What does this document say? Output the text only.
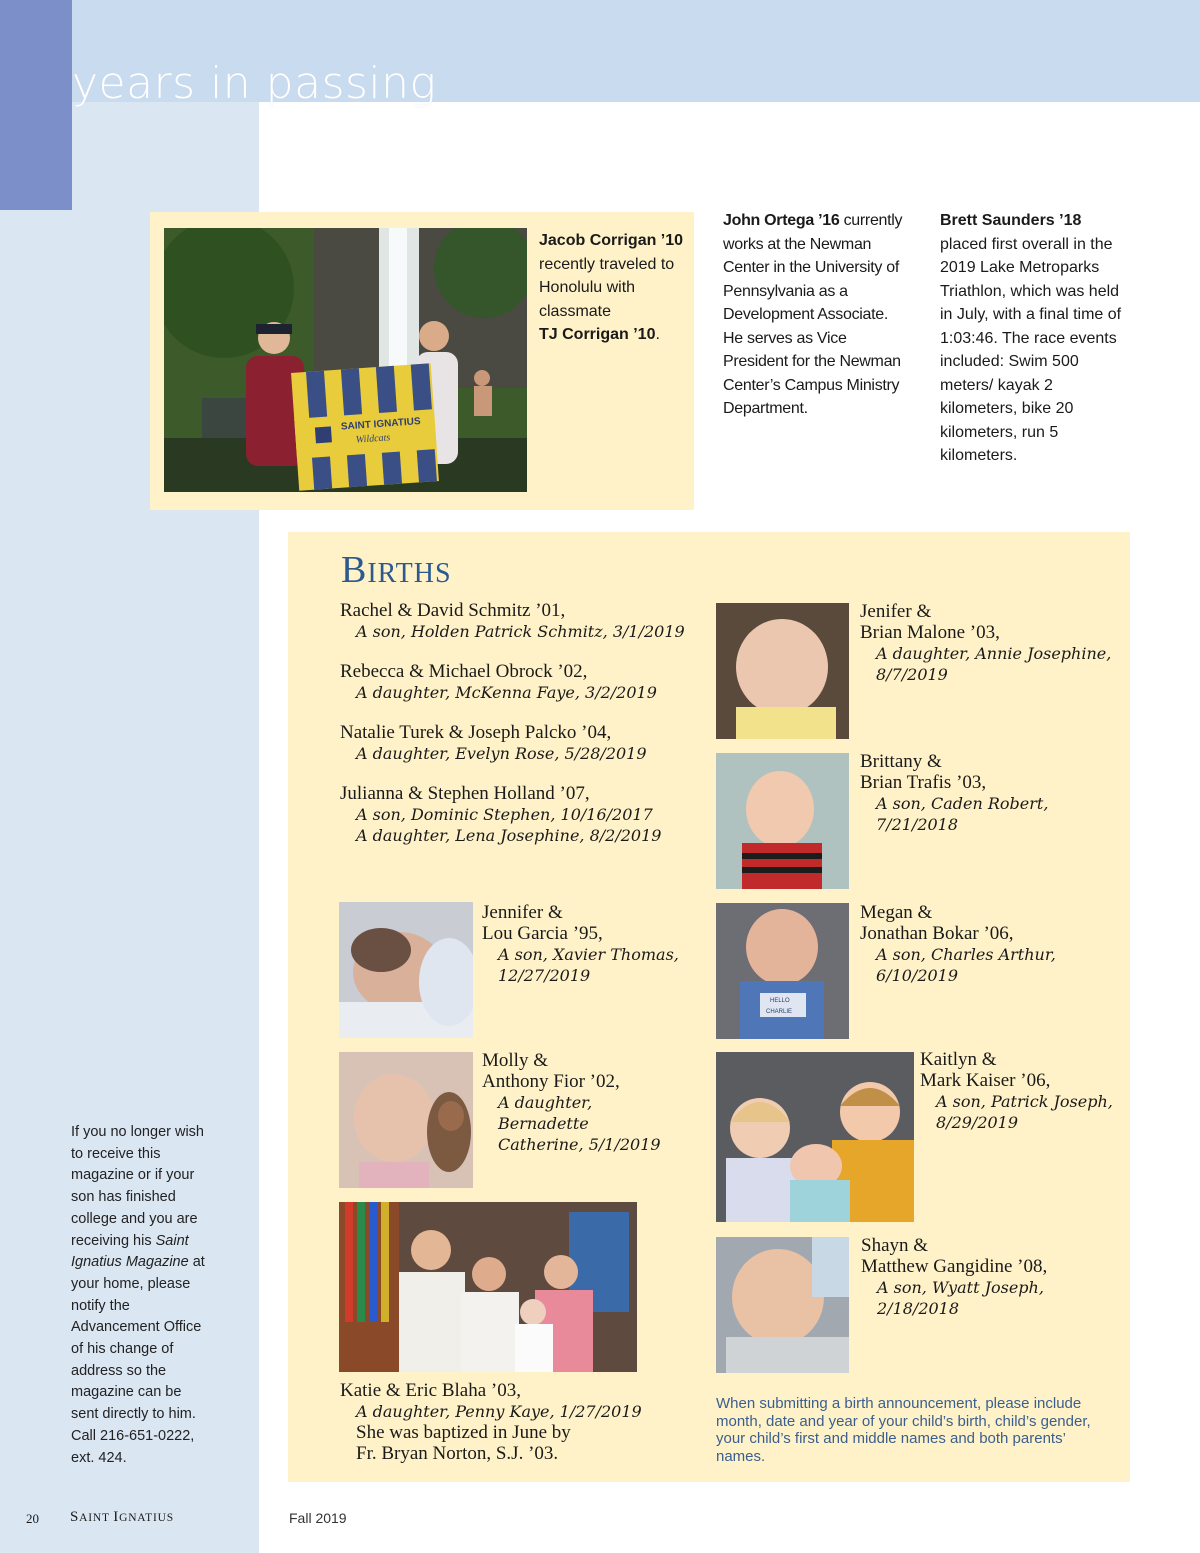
years in passing
SAINT IGNATIUS
Wildcats
Jacob Corrigan ’10
recently traveled to Honolulu with classmate
TJ Corrigan ’10.
John Ortega ’16 currently works at the Newman Center in the University of Pennsylvania as a Development Associate. He serves as Vice President for the Newman Center’s Campus Ministry Department.
Brett Saunders ’18
placed first overall in the 2019 Lake Metroparks Triathlon, which was held in July, with a final time of 1:03:46. The race events included: Swim 500 meters/ kayak 2 kilometers, bike 20 kilometers, run 5 kilometers.
BIRTHS
Rachel & David Schmitz ’01,
A son, Holden Patrick Schmitz, 3/1/2019
Rebecca & Michael Obrock ’02,
A daughter, McKenna Faye, 3/2/2019
Natalie Turek & Joseph Palcko ’04,
A daughter, Evelyn Rose, 5/28/2019
Julianna & Stephen Holland ’07,
A son, Dominic Stephen, 10/16/2017
A daughter, Lena Josephine, 8/2/2019
Jennifer &
Lou Garcia ’95,
A son, Xavier Thomas,
12/27/2019
Molly &
Anthony Fior ’02,
A daughter, Bernadette
Catherine, 5/1/2019
Katie & Eric Blaha ’03,
A daughter, Penny Kaye, 1/27/2019
She was baptized in June by
Fr. Bryan Norton, S.J. ’03.
Jenifer &
Brian Malone ’03,
A daughter, Annie Josephine,
8/7/2019
Brittany &
Brian Trafis ’03,
A son, Caden Robert,
7/21/2018
HELLO
CHARLIE
Megan &
Jonathan Bokar ’06,
A son, Charles Arthur,
6/10/2019
Kaitlyn &
Mark Kaiser ’06,
A son, Patrick Joseph,
8/29/2019
Shayn &
Matthew Gangidine ’08,
A son, Wyatt Joseph,
2/18/2018
When submitting a birth announcement, please include month, date and year of your child’s birth, child’s gender, your child’s first and middle names and both parents’ names.
If you no longer wish to receive this magazine or if your son has finished college and you are receiving his Saint Ignatius Magazine at your home, please notify the Advancement Office of his change of address so the magazine can be sent directly to him. Call 216-651-0222, ext. 424.
20 SAINT IGNATIUS	Fall 2019
